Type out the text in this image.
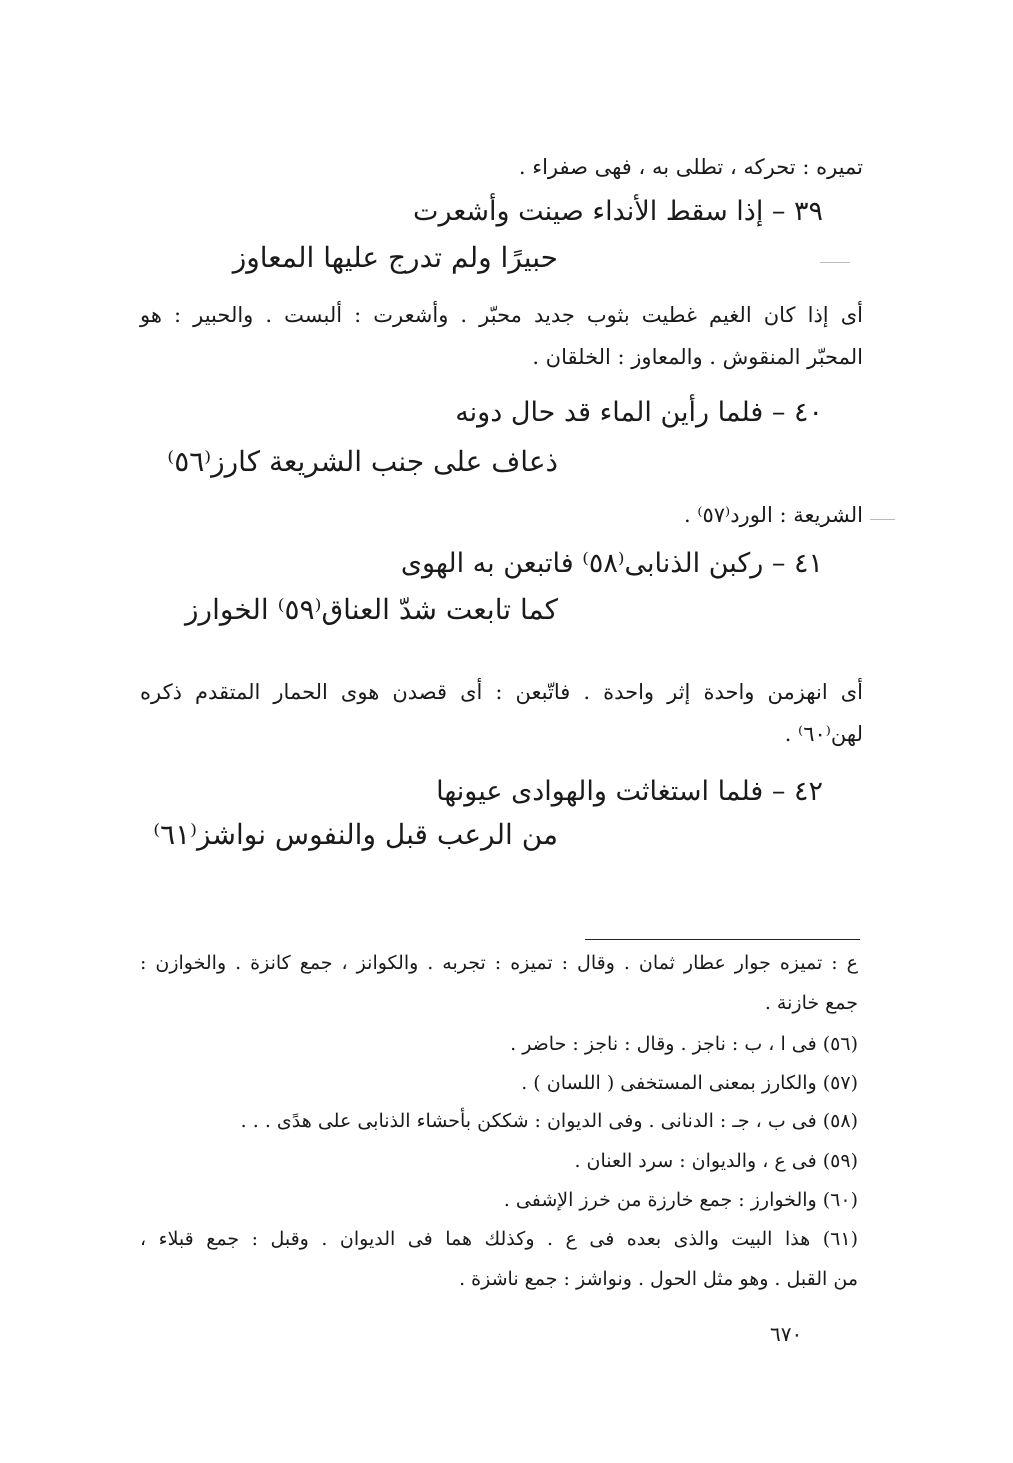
تميره : تحركه ، تطلى به ، فهى صفراء .
٣٩ – إذا سقط الأنداء صينت وأشعرت
حبيرًا ولم تدرج عليها المعاوز
أى إذا كان الغيم غطيت بثوب جديد محبّر . وأشعرت : ألبست . والحبير : هو
المحبّر المنقوش . والمعاوز : الخلقان .
٤٠ – فلما رأين الماء قد حال دونه
ذعاف على جنب الشريعة كارز⁽٥٦⁾
الشريعة : الورد⁽٥٧⁾ .
٤١ – ركبن الذنابى⁽٥٨⁾ فاتبعن به الهوى
كما تابعت شدّ العناق⁽٥٩⁾ الخوارز
أى انهزمن واحدة إثر واحدة . فاتّبعن : أى قصدن هوى الحمار المتقدم ذكره
لهن⁽٦٠⁾ .
٤٢ – فلما استغاثت والهوادى عيونها
من الرعب قبل والنفوس نواشز⁽٦١⁾
ع : تميزه جوار عطار ثمان . وقال : تميزه : تجربه . والكوانز ، جمع كانزة . والخوازن :
جمع خازنة .
(٥٦) فى ا ، ب : ناجز . وقال : ناجز : حاضر .
(٥٧) والكارز بمعنى المستخفى ( اللسان ) .
(٥٨) فى ب ، جـ : الدنانى . وفى الديوان : شككن بأحشاء الذنابى على هدًى . . .
(٥٩) فى ع ، والديوان : سرد العنان .
(٦٠) والخوارز : جمع خارزة من خرز الإشفى .
(٦١) هذا البيت والذى بعده فى ع . وكذلك هما فى الديوان . وقبل : جمع قبلاء ،
من القبل . وهو مثل الحول . ونواشز : جمع ناشزة .
٦٧٠
